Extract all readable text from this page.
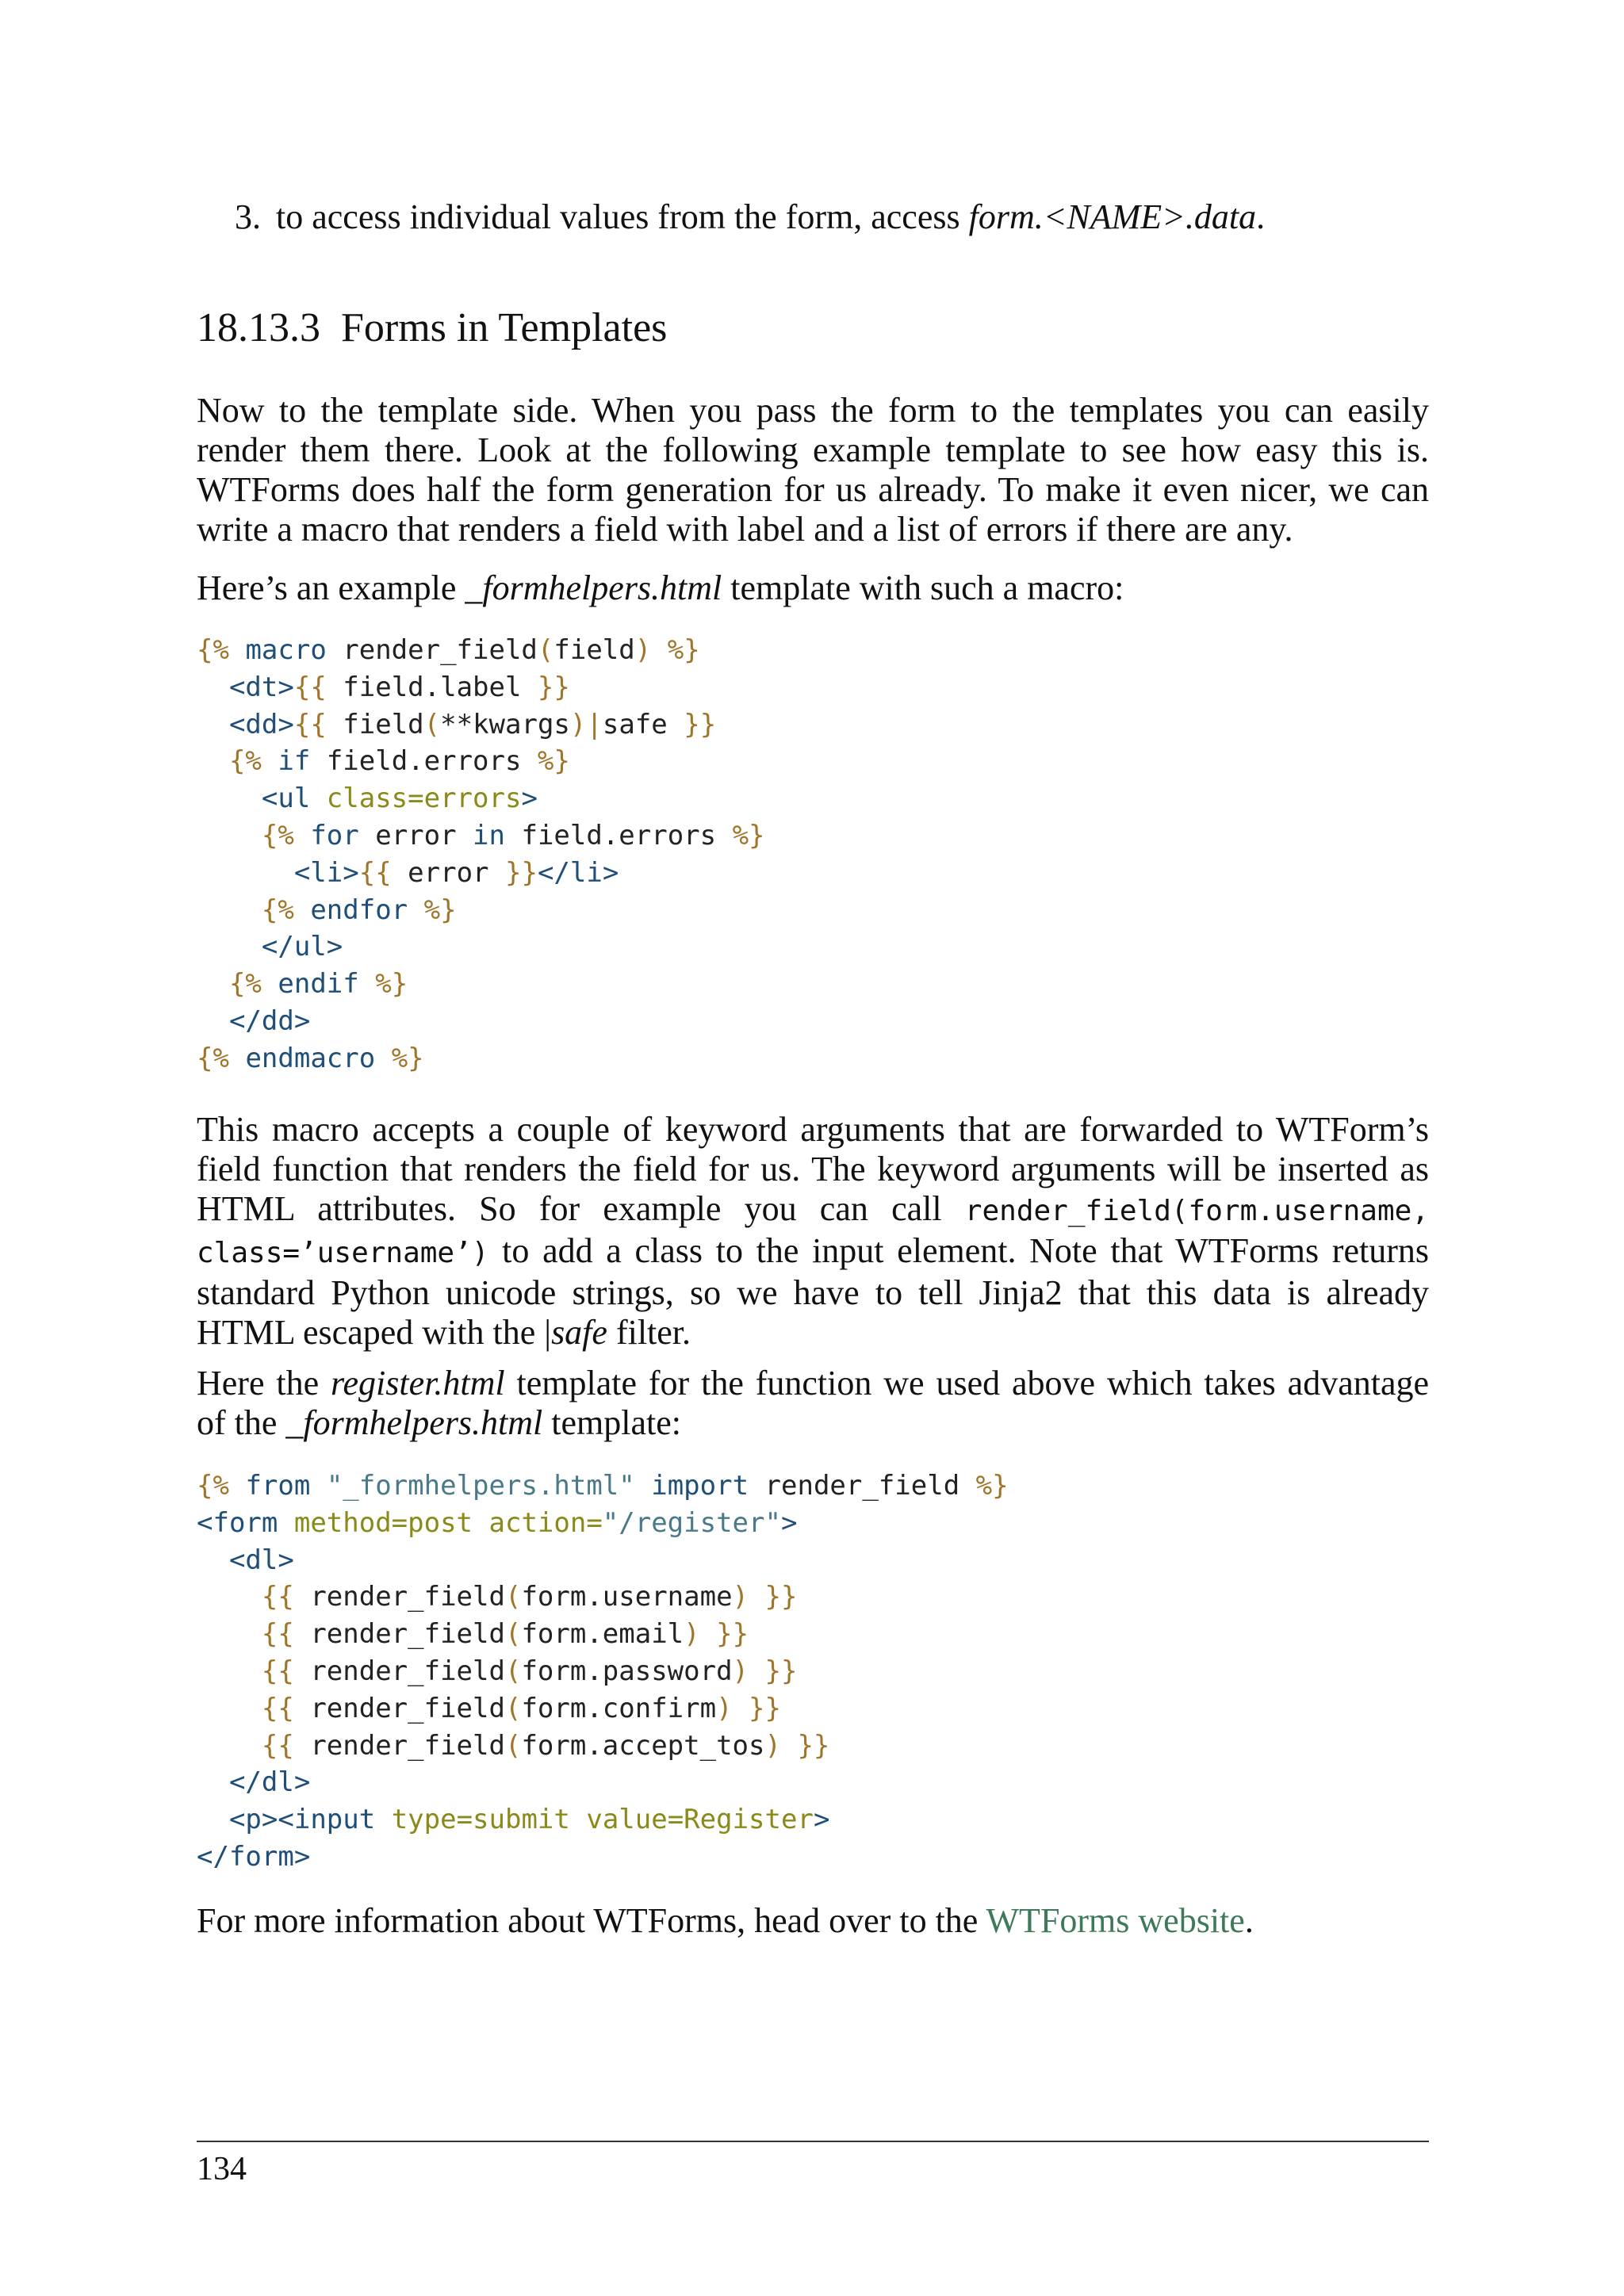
3. to access individual values from the form, access form.<NAME>.data.
18.13.3 Forms in Templates

Now to the template side. When you pass the form to the templates you can easily render them there. Look at the following example template to see how easy this is. WTForms does half the form generation for us already. To make it even nicer, we can write a macro that renders a field with label and a list of errors if there are any.

Here’s an example _formhelpers.html template with such a macro:

{% macro render_field(field) %}
<dt>{{ field.label }}
<dd>{{ field(**kwargs)|safe }}
{% if field.errors %}
<ul class=errors>
{% for error in field.errors %}
<li>{{ error }}</li>
{% endfor %}
</ul>
{% endif %}
</dd>
{% endmacro %}

This macro accepts a couple of keyword arguments that are forwarded to WTForm’s field function that renders the field for us. The keyword arguments will be inserted as HTML attributes. So for example you can call render_field(form.username, class=’username’) to add a class to the input element. Note that WTForms returns standard Python unicode strings, so we have to tell Jinja2 that this data is already HTML escaped with the |safe filter.

Here the register.html template for the function we used above which takes advantage of the _formhelpers.html template:

{% from "_formhelpers.html" import render_field %}
<form method=post action="/register">
<dl>
{{ render_field(form.username) }}
{{ render_field(form.email) }}
{{ render_field(form.password) }}
{{ render_field(form.confirm) }}
{{ render_field(form.accept_tos) }}
</dl>
<p><input type=submit value=Register>
</form>

For more information about WTForms, head over to the WTForms website.

134
